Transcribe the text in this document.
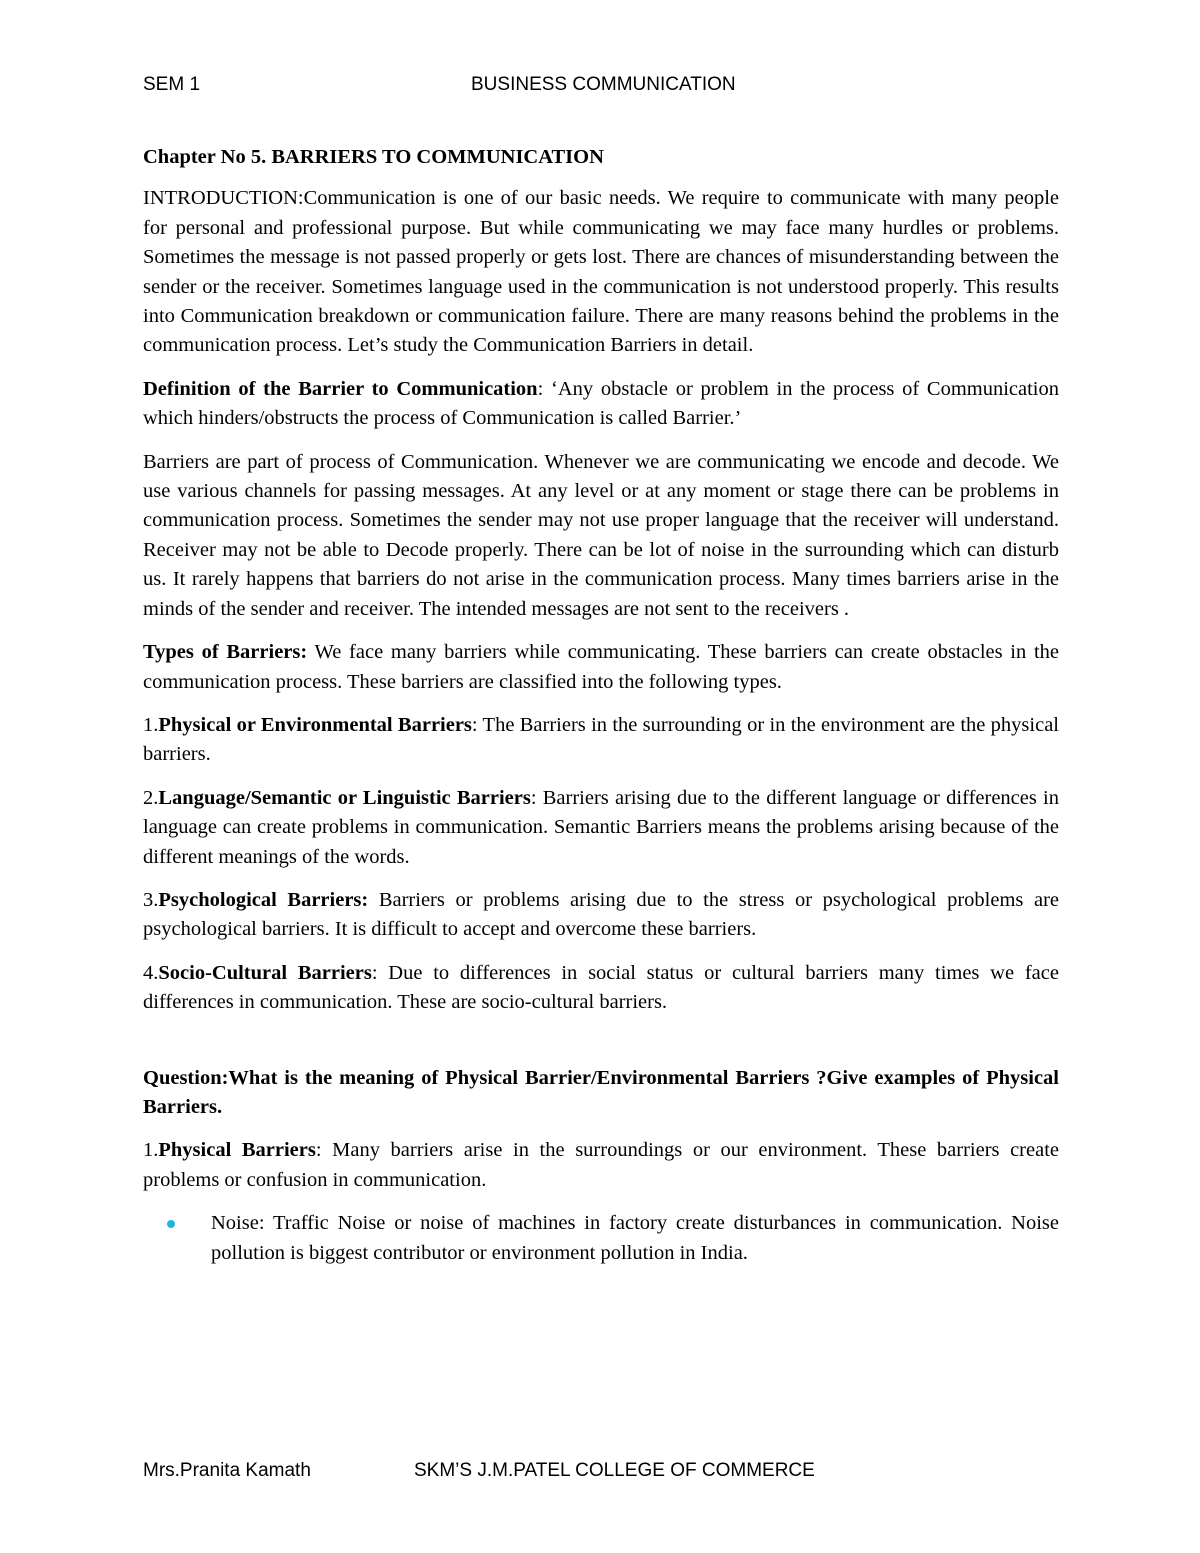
SEM 1	BUSINESS COMMUNICATION

Chapter No 5. BARRIERS TO COMMUNICATION

INTRODUCTION:Communication is one of our basic needs. We require to communicate with many people for personal and professional purpose. But while communicating we may face many hurdles or problems. Sometimes the message is not passed properly or gets lost. There are chances of misunderstanding between the sender or the receiver. Sometimes language used in the communication is not understood properly. This results into Communication breakdown or communication failure. There are many reasons behind the problems in the communication process. Let’s study the Communication Barriers in detail.

Definition of the Barrier to Communication: ‘Any obstacle or problem in the process of Communication which hinders/obstructs the process of Communication is called Barrier.’

Barriers are part of process of Communication. Whenever we are communicating we encode and decode. We use various channels for passing messages. At any level or at any moment or stage there can be problems in communication process. Sometimes the sender may not use proper language that the receiver will understand. Receiver may not be able to Decode properly. There can be lot of noise in the surrounding which can disturb us. It rarely happens that barriers do not arise in the communication process. Many times barriers arise in the minds of the sender and receiver. The intended messages are not sent to the receivers .

Types of Barriers: We face many barriers while communicating. These barriers can create obstacles in the communication process. These barriers are classified into the following types.

1.Physical or Environmental Barriers: The Barriers in the surrounding or in the environment are the physical barriers.

2.Language/Semantic or Linguistic Barriers: Barriers arising due to the different language or differences in language can create problems in communication. Semantic Barriers means the problems arising because of the different meanings of the words.

3.Psychological Barriers: Barriers or problems arising due to the stress or psychological problems are psychological barriers. It is difficult to accept and overcome these barriers.

4.Socio-Cultural Barriers: Due to differences in social status or cultural barriers many times we face differences in communication. These are socio-cultural barriers.

Question:What is the meaning of Physical Barrier/Environmental Barriers ?Give examples of Physical Barriers.

1.Physical Barriers: Many barriers arise in the surroundings or our environment. These barriers create problems or confusion in communication.

Noise: Traffic Noise or noise of machines in factory create disturbances in communication. Noise pollution is biggest contributor or environment pollution in India.
Mrs.Pranita Kamath	SKM’S J.M.PATEL COLLEGE OF COMMERCE
